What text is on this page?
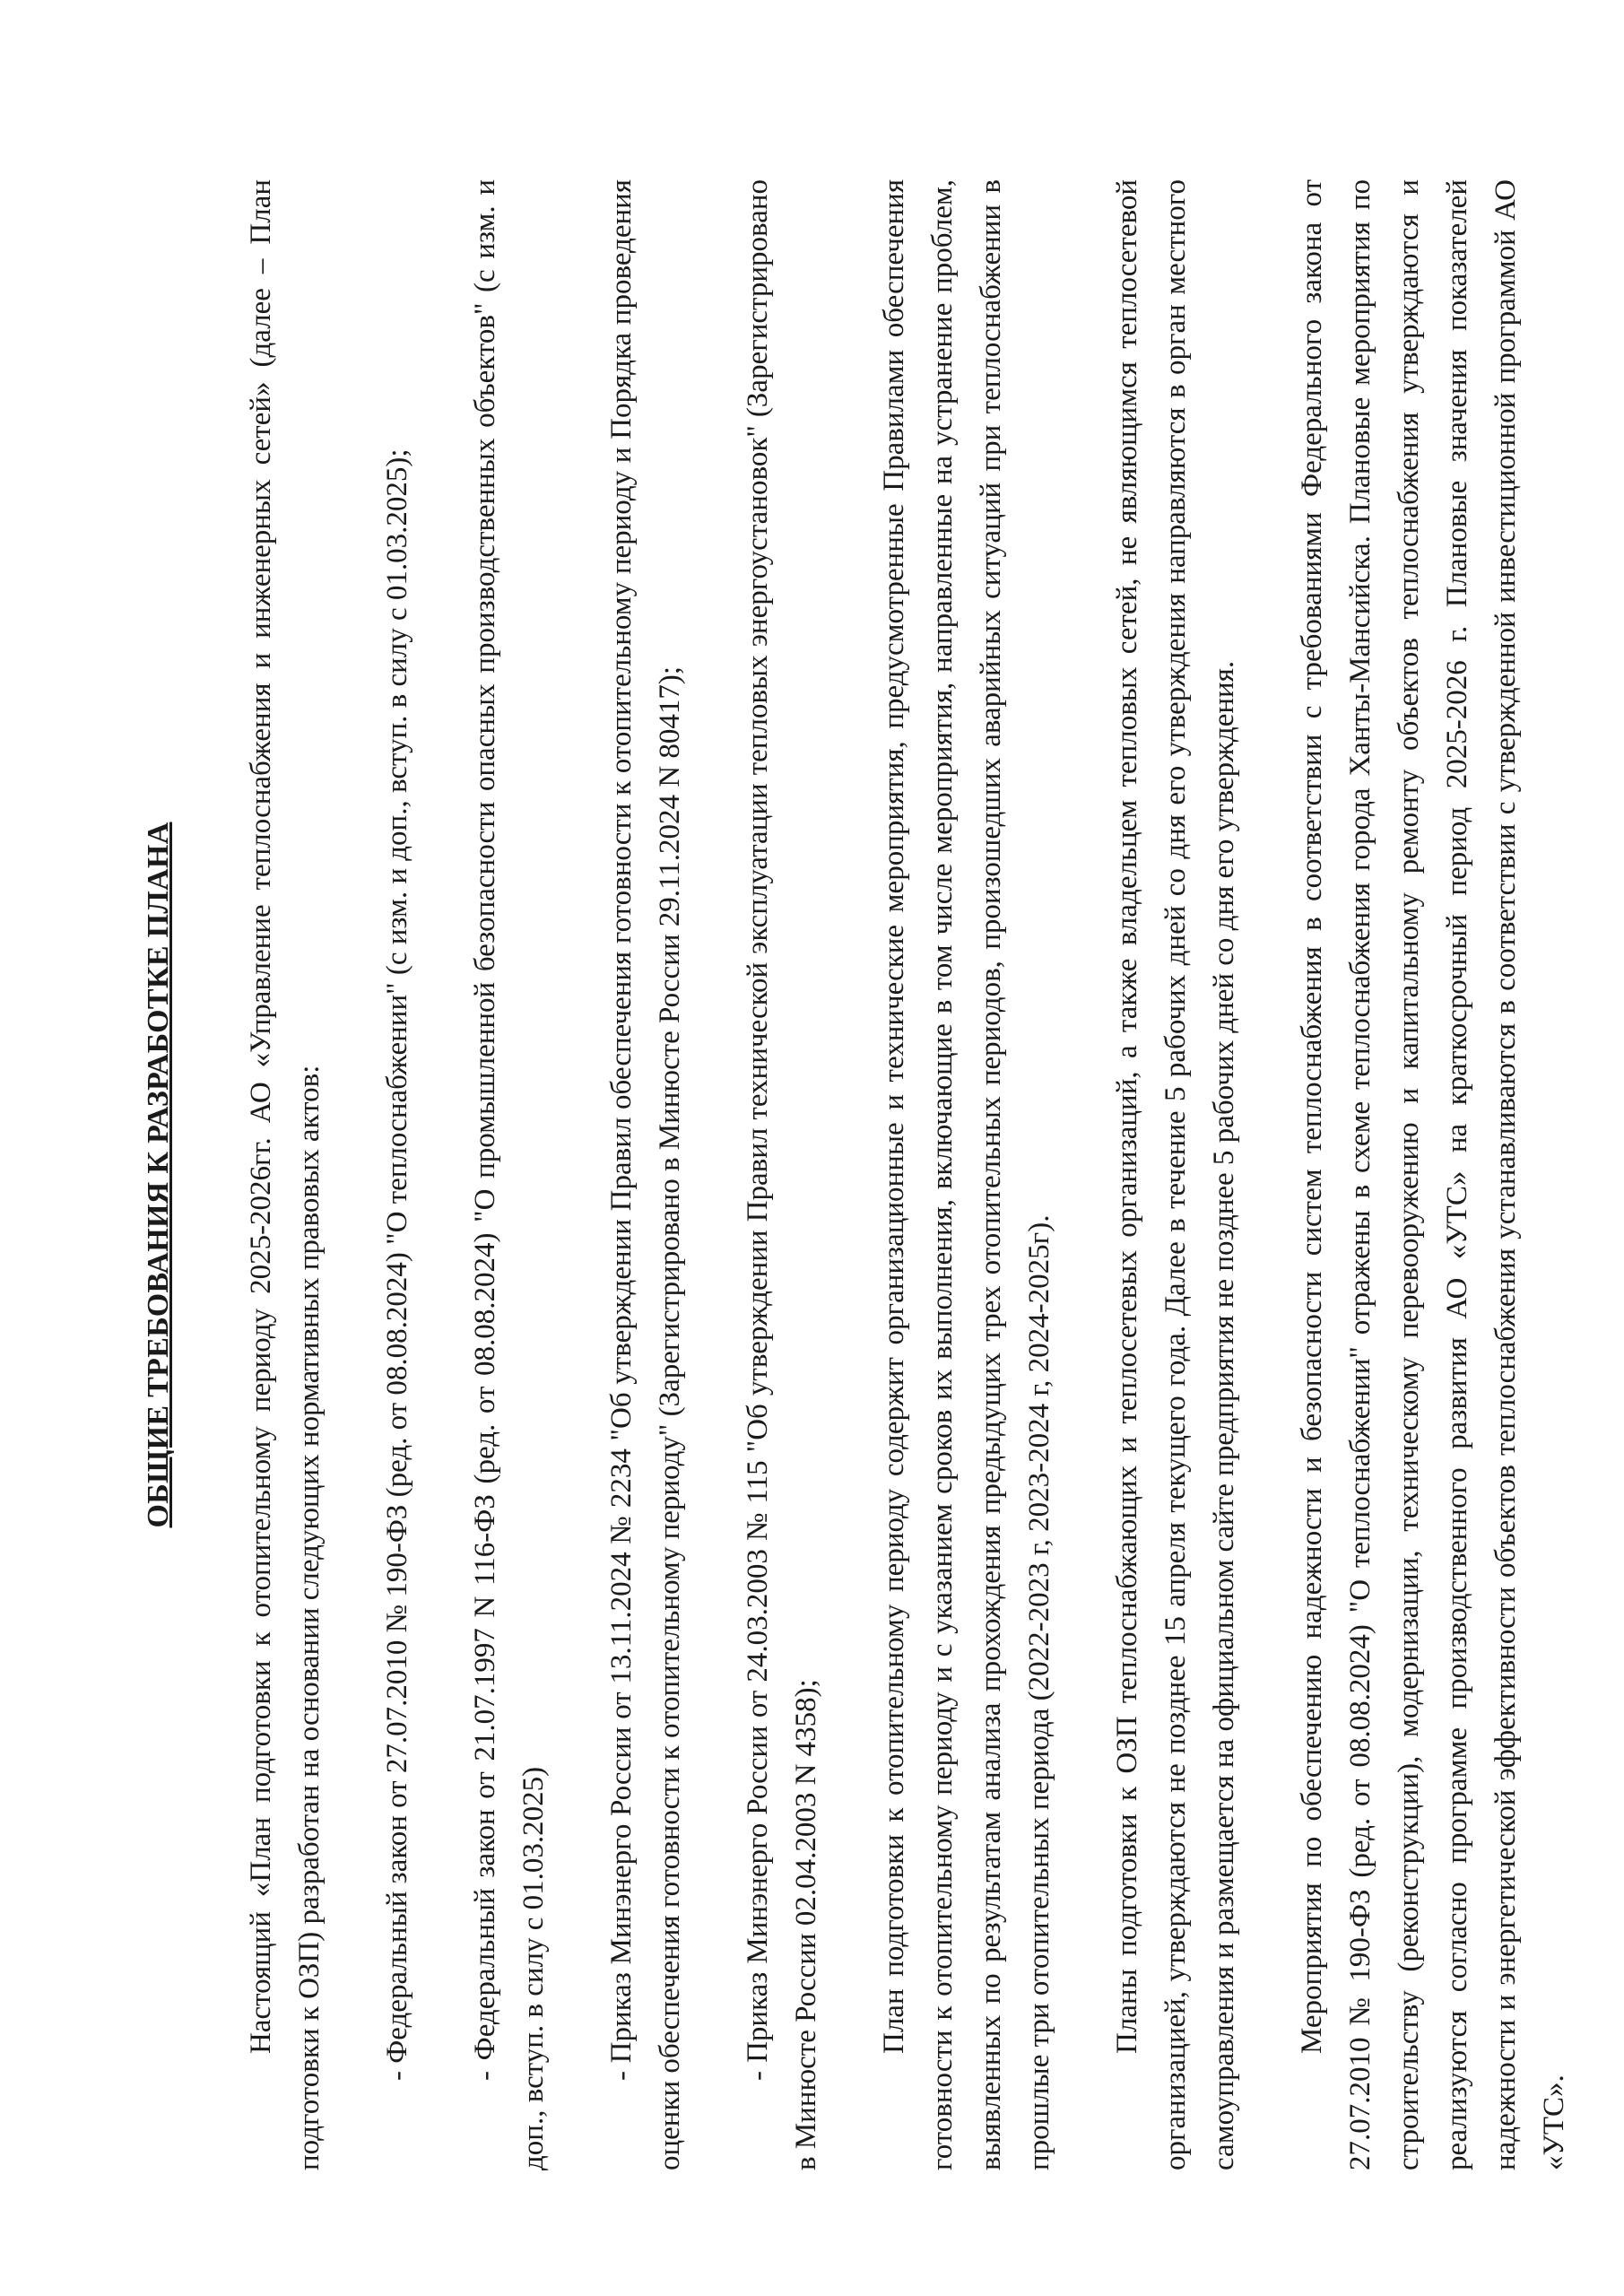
ОБЩИЕ ТРЕБОВАНИЯ К РАЗРАБОТКЕ ПЛАНА Настоящий «План подготовки к отопительному периоду 2025-2026гг. АО «Управление теплоснабжения и инженерных сетей» (далее – План подготовки к ОЗП) разработан на основании следующих нормативных правовых актов: - Федеральный закон от 27.07.2010 № 190-ФЗ (ред. от 08.08.2024) "О теплоснабжении" (с изм. и доп., вступ. в силу с 01.03.2025); - Федеральный закон от 21.07.1997 N 116-ФЗ (ред. от 08.08.2024) "О промышленной безопасности опасных производственных объектов" (с изм. и доп., вступ. в силу с 01.03.2025) - Приказ Минэнерго России от 13.11.2024 № 2234 "Об утверждении Правил обеспечения готовности к отопительному периоду и Порядка проведения оценки обеспечения готовности к отопительному периоду" (Зарегистрировано в Минюсте России 29.11.2024 N 80417); - Приказ Минэнерго России от 24.03.2003 № 115 "Об утверждении Правил технической эксплуатации тепловых энергоустановок" (Зарегистрировано в Минюсте России 02.04.2003 N 4358); План подготовки к отопительному периоду содержит организационные и технические мероприятия, предусмотренные Правилами обеспечения готовности к отопительному периоду и с указанием сроков их выполнения, включающие в том числе мероприятия, направленные на устранение проблем, выявленных по результатам анализа прохождения предыдущих трех отопительных периодов, произошедших аварийных ситуаций при теплоснабжении в прошлые три отопительных периода (2022-2023 г, 2023-2024 г, 2024-2025г). Планы подготовки к ОЗП теплоснабжающих и теплосетевых организаций, а также владельцем тепловых сетей, не являющимся теплосетевой организацией, утверждаются не позднее 15 апреля текущего года. Далее в течение 5 рабочих дней со дня его утверждения направляются в орган местного самоуправления и размещается на официальном сайте предприятия не позднее 5 рабочих дней со дня его утверждения. Мероприятия по обеспечению надежности и безопасности систем теплоснабжения в соответствии с требованиями Федерального закона от 27.07.2010 № 190-ФЗ (ред. от 08.08.2024) "О теплоснабжении" отражены в схеме теплоснабжения города Ханты-Мансийска. Плановые мероприятия по строительству (реконструкции), модернизации, техническому перевооружению и капитальному ремонту объектов теплоснабжения утверждаются и реализуются согласно программе производственного развития АО «УТС» на краткосрочный период 2025-2026 г. Плановые значения показателей надежности и энергетической эффективности объектов теплоснабжения устанавливаются в соответствии с утвержденной инвестиционной программой АО «УТС».
